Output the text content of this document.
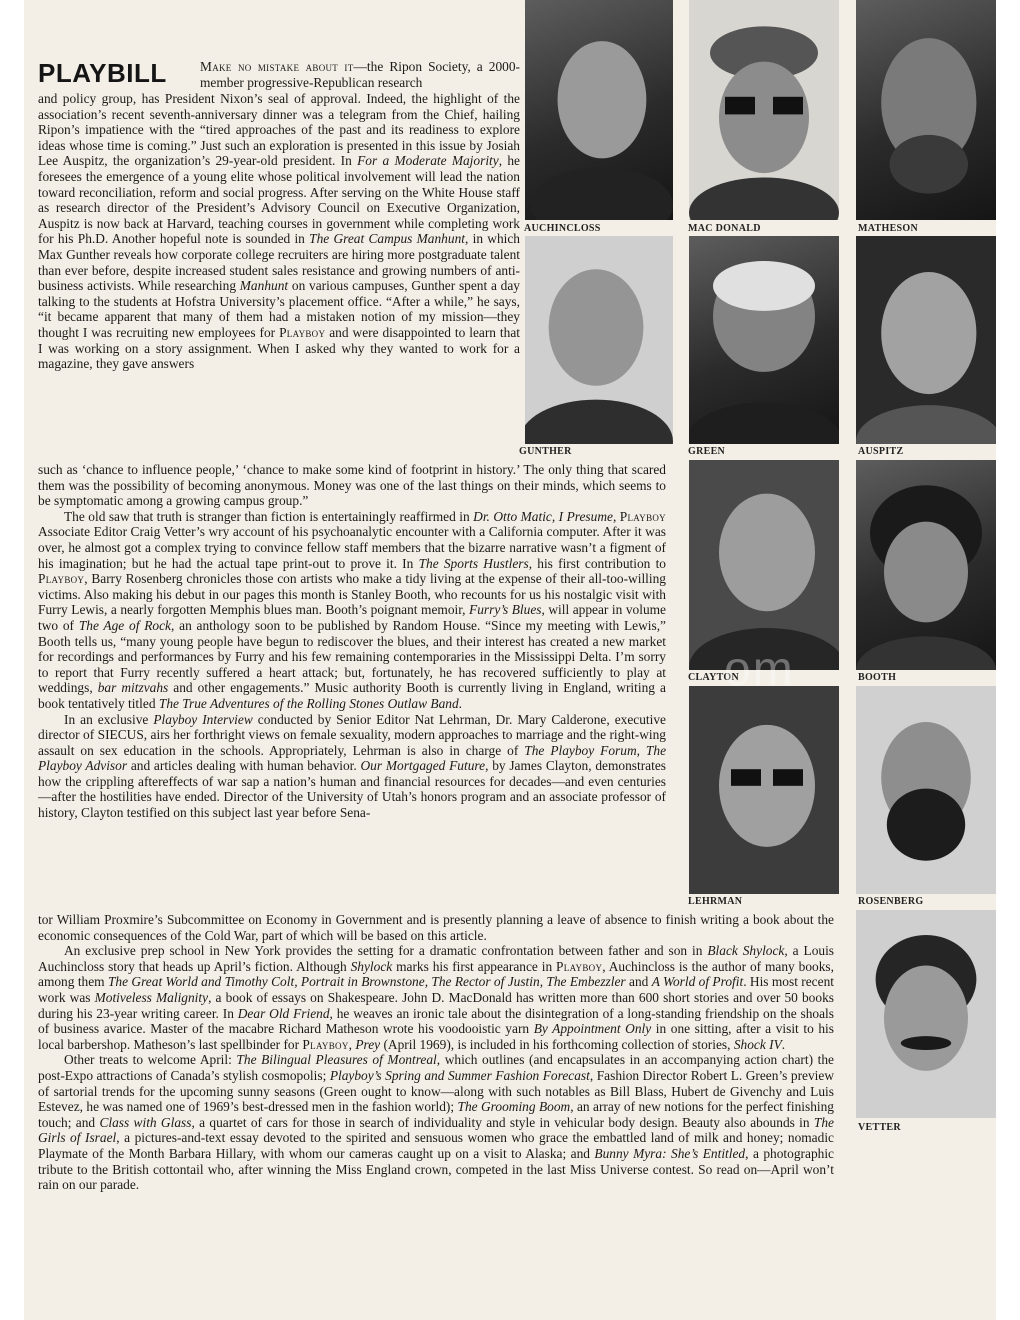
PLAYBILL Make no mistake about it—the Ripon Society, a 2000-member progressive-Republican research

and policy group, has President Nixon’s seal of approval. Indeed, the highlight of the association’s recent seventh-anniversary dinner was a telegram from the Chief, hailing Ripon’s impatience with the “tired approaches of the past and its readiness to explore ideas whose time is coming.” Just such an exploration is presented in this issue by Josiah Lee Auspitz, the organization’s 29-year-old president. In For a Moderate Majority, he foresees the emergence of a young elite whose political involvement will lead the nation toward reconciliation, reform and social progress. After serving on the White House staff as research director of the President’s Advisory Council on Executive Organization, Auspitz is now back at Harvard, teaching courses in government while completing work for his Ph.D. Another hopeful note is sounded in The Great Campus Manhunt, in which Max Gunther reveals how corporate college recruiters are hiring more postgraduate talent than ever before, despite increased student sales resistance and growing numbers of anti-business activists. While researching Manhunt on various campuses, Gunther spent a day talking to the students at Hofstra University’s placement office. “After a while,” he says, “it became apparent that many of them had a mistaken notion of my mission—they thought I was recruiting new employees for Playboy and were disappointed to learn that I was working on a story assignment. When I asked why they wanted to work for a magazine, they gave answers

such as ‘chance to influence people,’ ‘chance to make some kind of footprint in history.’ The only thing that scared them was the possibility of becoming anonymous. Money was one of the last things on their minds, which seems to be symptomatic among a growing campus group.”

The old saw that truth is stranger than fiction is entertainingly reaffirmed in Dr. Otto Matic, I Presume, Playboy Associate Editor Craig Vetter’s wry account of his psychoanalytic encounter with a California computer. After it was over, he almost got a complex trying to convince fellow staff members that the bizarre narrative wasn’t a figment of his imagination; but he had the actual tape print-out to prove it. In The Sports Hustlers, his first contribution to Playboy, Barry Rosenberg chronicles those con artists who make a tidy living at the expense of their all-too-willing victims. Also making his debut in our pages this month is Stanley Booth, who recounts for us his nostalgic visit with Furry Lewis, a nearly forgotten Memphis blues man. Booth’s poignant memoir, Furry’s Blues, will appear in volume two of The Age of Rock, an anthology soon to be published by Random House. “Since my meeting with Lewis,” Booth tells us, “many young people have begun to rediscover the blues, and their interest has created a new market for recordings and performances by Furry and his few remaining contemporaries in the Mississippi Delta. I’m sorry to report that Furry recently suffered a heart attack; but, fortunately, he has recovered sufficiently to play at weddings, bar mitzvahs and other engagements.” Music authority Booth is currently living in England, writing a book tentatively titled The True Adventures of the Rolling Stones Outlaw Band.

In an exclusive Playboy Interview conducted by Senior Editor Nat Lehrman, Dr. Mary Calderone, executive director of SIECUS, airs her forthright views on female sexuality, modern approaches to marriage and the right-wing assault on sex education in the schools. Appropriately, Lehrman is also in charge of The Playboy Forum, The Playboy Advisor and articles dealing with human behavior. Our Mortgaged Future, by James Clayton, demonstrates how the crippling aftereffects of war sap a nation’s human and financial resources for decades—and even centuries—after the hostilities have ended. Director of the University of Utah’s honors program and an associate professor of history, Clayton testified on this subject last year before Sena-

tor William Proxmire’s Subcommittee on Economy in Government and is presently planning a leave of absence to finish writing a book about the economic consequences of the Cold War, part of which will be based on this article.

An exclusive prep school in New York provides the setting for a dramatic confrontation between father and son in Black Shylock, a Louis Auchincloss story that heads up April’s fiction. Although Shylock marks his first appearance in Playboy, Auchincloss is the author of many books, among them The Great World and Timothy Colt, Portrait in Brownstone, The Rector of Justin, The Embezzler and A World of Profit. His most recent work was Motiveless Malignity, a book of essays on Shakespeare. John D. MacDonald has written more than 600 short stories and over 50 books during his 23-year writing career. In Dear Old Friend, he weaves an ironic tale about the disintegration of a long-standing friendship on the shoals of business avarice. Master of the macabre Richard Matheson wrote his voodooistic yarn By Appointment Only in one sitting, after a visit to his local barbershop. Matheson’s last spellbinder for Playboy, Prey (April 1969), is included in his forthcoming collection of stories, Shock IV.

Other treats to welcome April: The Bilingual Pleasures of Montreal, which outlines (and encapsulates in an accompanying action chart) the post-Expo attractions of Canada’s stylish cosmopolis; Playboy’s Spring and Summer Fashion Forecast, Fashion Director Robert L. Green’s preview of sartorial trends for the upcoming sunny seasons (Green ought to know—along with such notables as Bill Blass, Hubert de Givenchy and Luis Estevez, he was named one of 1969’s best-dressed men in the fashion world); The Grooming Boom, an array of new notions for the perfect finishing touch; and Class with Glass, a quartet of cars for those in search of individuality and style in vehicular body design. Beauty also abounds in The Girls of Israel, a pictures-and-text essay devoted to the spirited and sensuous women who grace the embattled land of milk and honey; nomadic Playmate of the Month Barbara Hillary, with whom our cameras caught up on a visit to Alaska; and Bunny Myra: She’s Entitled, a photographic tribute to the British cottontail who, after winning the Miss England crown, competed in the last Miss Universe contest. So read on—April won’t rain on our parade.

AUCHINCLOSS	MAC DONALD	MATHESON
GUNTHER	GREEN	AUSPITZ
CLAYTON	BOOTH
LEHRMAN	ROSENBERG
VETTER
om
